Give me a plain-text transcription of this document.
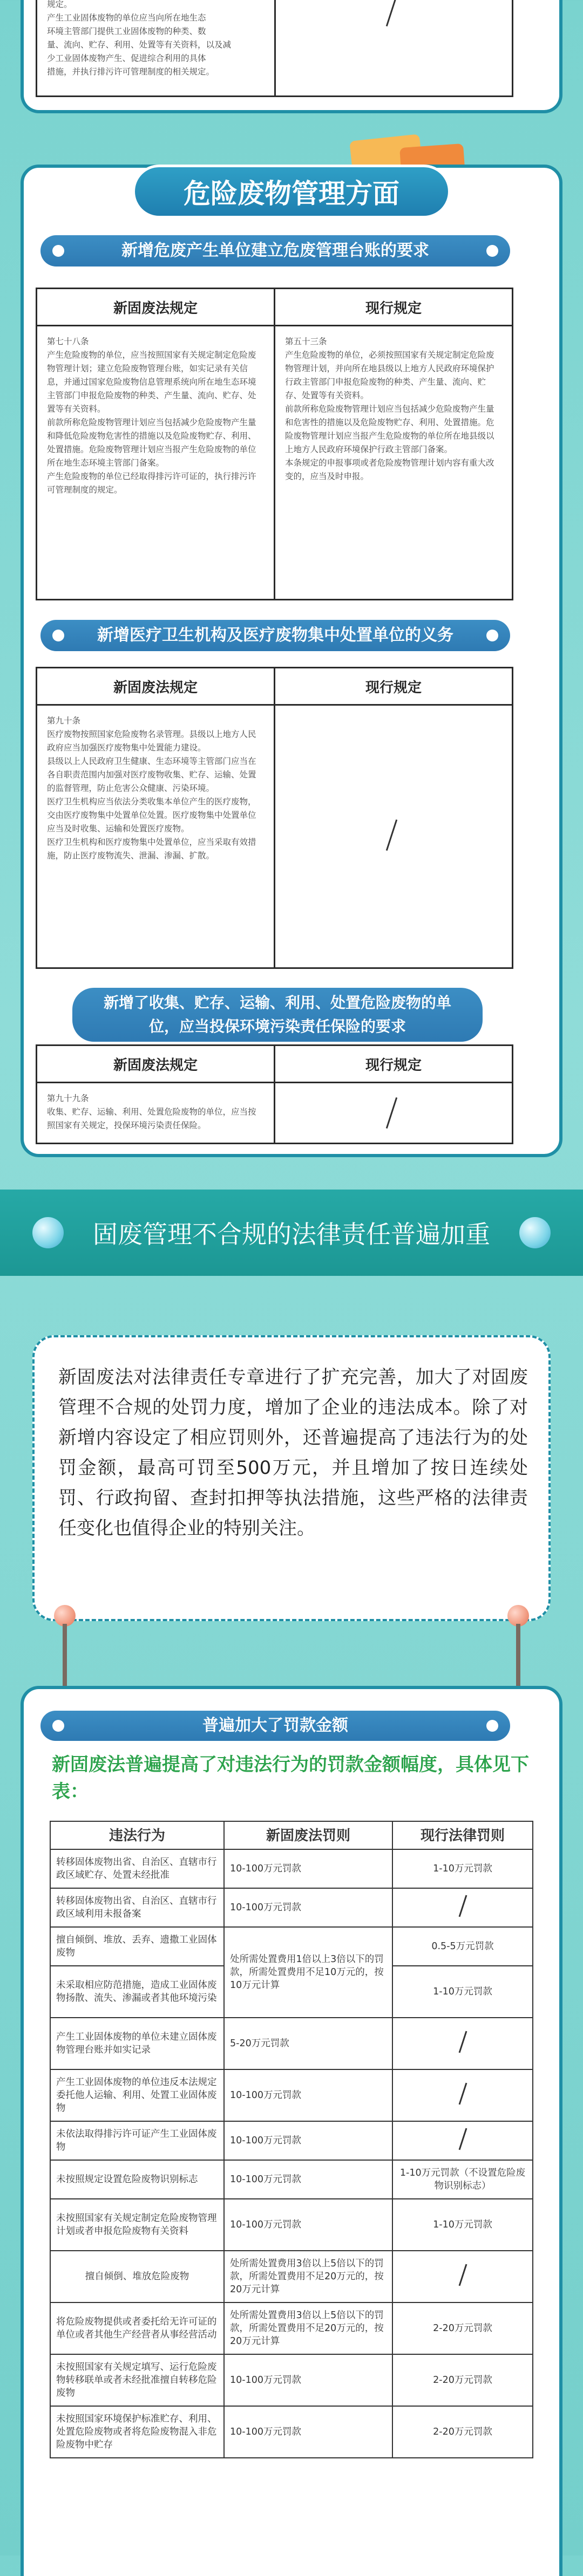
规定。
产生工业固体废物的单位应当向所在地生态
环境主管部门提供工业固体废物的种类、数
量、流向、贮存、利用、处置等有关资料，以及减
少工业固体废物产生、促进综合利用的具体
措施，并执行排污许可管理制度的相关规定。
危险废物管理方面
新增危废产生单位建立危废管理台账的要求
新固废法规定	现行规定
第七十八条
产生危险废物的单位，应当按照国家有关规定制定危险废物管理计划；建立危险废物管理台账，如实记录有关信息，并通过国家危险废物信息管理系统向所在地生态环境主管部门申报危险废物的种类、产生量、流向、贮存、处置等有关资料。
前款所称危险废物管理计划应当包括减少危险废物产生量和降低危险废物危害性的措施以及危险废物贮存、利用、处置措施。危险废物管理计划应当报产生危险废物的单位所在地生态环境主管部门备案。
产生危险废物的单位已经取得排污许可证的，执行排污许可管理制度的规定。
第五十三条
产生危险废物的单位，必须按照国家有关规定制定危险废物管理计划，并向所在地县级以上地方人民政府环境保护行政主管部门申报危险废物的种类、产生量、流向、贮存、处置等有关资料。
前款所称危险废物管理计划应当包括减少危险废物产生量和危害性的措施以及危险废物贮存、利用、处置措施。危险废物管理计划应当报产生危险废物的单位所在地县级以上地方人民政府环境保护行政主管部门备案。
本条规定的申报事项或者危险废物管理计划内容有重大改变的，应当及时申报。
新增医疗卫生机构及医疗废物集中处置单位的义务
新固废法规定	现行规定
第九十条
医疗废物按照国家危险废物名录管理。县级以上地方人民政府应当加强医疗废物集中处置能力建设。
县级以上人民政府卫生健康、生态环境等主管部门应当在各自职责范围内加强对医疗废物收集、贮存、运输、处置的监督管理，防止危害公众健康、污染环境。
医疗卫生机构应当依法分类收集本单位产生的医疗废物，交由医疗废物集中处置单位处置。医疗废物集中处置单位应当及时收集、运输和处置医疗废物。
医疗卫生机构和医疗废物集中处置单位，应当采取有效措施，防止医疗废物流失、泄漏、渗漏、扩散。
新增了收集、贮存、运输、利用、处置危险废物的单位，应当投保环境污染责任保险的要求
新固废法规定	现行规定
第九十九条
收集、贮存、运输、利用、处置危险废物的单位，应当按照国家有关规定，投保环境污染责任保险。
固废管理不合规的法律责任普遍加重
新固废法对法律责任专章进行了扩充完善，加大了对固废管理不合规的处罚力度，增加了企业的违法成本。除了对新增内容设定了相应罚则外，还普遍提高了违法行为的处罚金额，最高可罚至500万元，并且增加了按日连续处罚、行政拘留、查封扣押等执法措施，这些严格的法律责任变化也值得企业的特别关注。
普遍加大了罚款金额
新固废法普遍提高了对违法行为的罚款金额幅度，具体见下表：
违法行为	新固废法罚则	现行法律罚则
转移固体废物出省、自治区、直辖市行政区域贮存、处置未经批准	10-100万元罚款	1-10万元罚款
转移固体废物出省、自治区、直辖市行政区域利用未报备案	10-100万元罚款	
擅自倾倒、堆放、丢弃、遗撒工业固体废物	处所需处置费用1倍以上3倍以下的罚款，所需处置费用不足10万元的，按10万元计算	0.5-5万元罚款
未采取相应防范措施，造成工业固体废物扬散、流失、渗漏或者其他环境污染		1-10万元罚款
产生工业固体废物的单位未建立固体废物管理台账并如实记录	5-20万元罚款	
产生工业固体废物的单位违反本法规定委托他人运输、利用、处置工业固体废物	10-100万元罚款	
未依法取得排污许可证产生工业固体废物	10-100万元罚款	
未按照规定设置危险废物识别标志	10-100万元罚款	1-10万元罚款（不设置危险废物识别标志）
未按照国家有关规定制定危险废物管理计划或者申报危险废物有关资料	10-100万元罚款	1-10万元罚款
擅自倾倒、堆放危险废物	处所需处置费用3倍以上5倍以下的罚款，所需处置费用不足20万元的，按20万元计算	
将危险废物提供或者委托给无许可证的单位或者其他生产经营者从事经营活动	处所需处置费用3倍以上5倍以下的罚款，所需处置费用不足20万元的，按20万元计算	2-20万元罚款
未按照国家有关规定填写、运行危险废物转移联单或者未经批准擅自转移危险废物	10-100万元罚款	2-20万元罚款
未按照国家环境保护标准贮存、利用、处置危险废物或者将危险废物混入非危险废物中贮存	10-100万元罚款	2-20万元罚款
